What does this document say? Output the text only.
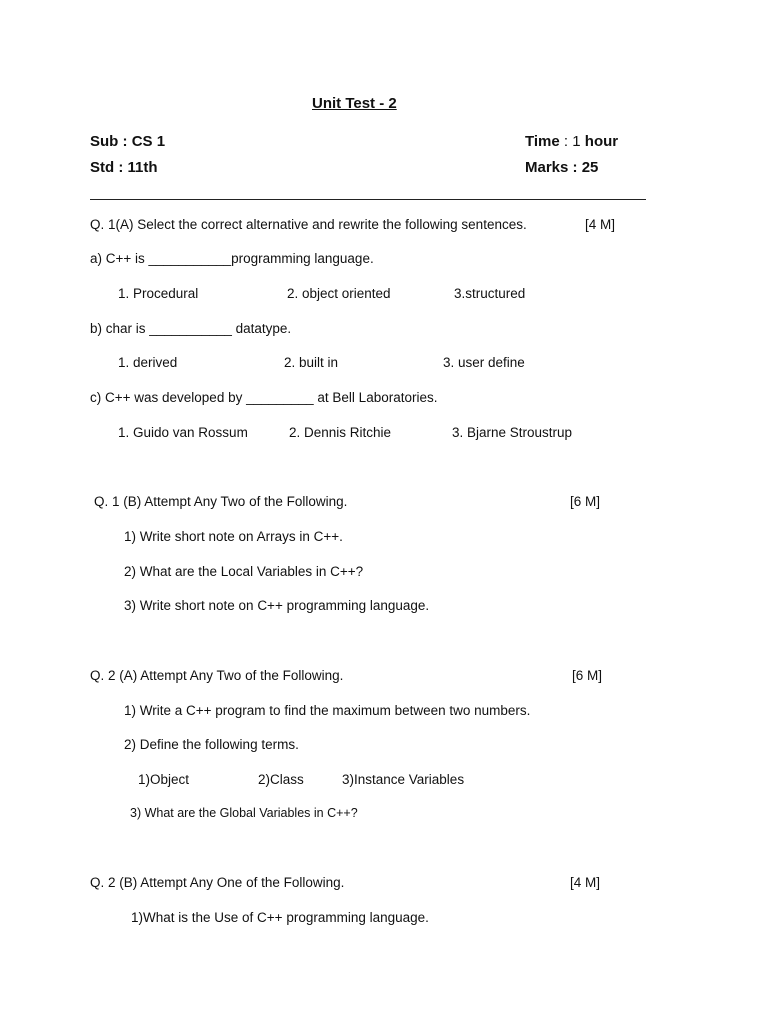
Unit Test - 2
Sub : CS 1
Std : 11th
Time : 1 hour
Marks : 25
Q. 1(A) Select the correct alternative and rewrite the following sentences.	[4 M]
a) C++ is ___________programming language.
1. Procedural	2. object oriented	3.structured
b) char is ___________ datatype.
1. derived	2. built in	3. user define
c) C++ was developed by _________ at Bell Laboratories.
1. Guido van Rossum	2. Dennis Ritchie	3. Bjarne Stroustrup
Q. 1 (B) Attempt Any Two of the Following.	[6 M]
1) Write short note on Arrays in C++.
2) What are the Local Variables in C++?
3) Write short note on C++ programming language.
Q. 2 (A) Attempt Any Two of the Following.	[6 M]
1) Write a C++ program to find the maximum between two numbers.
2) Define the following terms.
1)Object	2)Class	3)Instance Variables
3) What are the Global Variables in C++?
Q. 2 (B) Attempt Any One of the Following.	[4 M]
1)What is the Use of C++ programming language.
